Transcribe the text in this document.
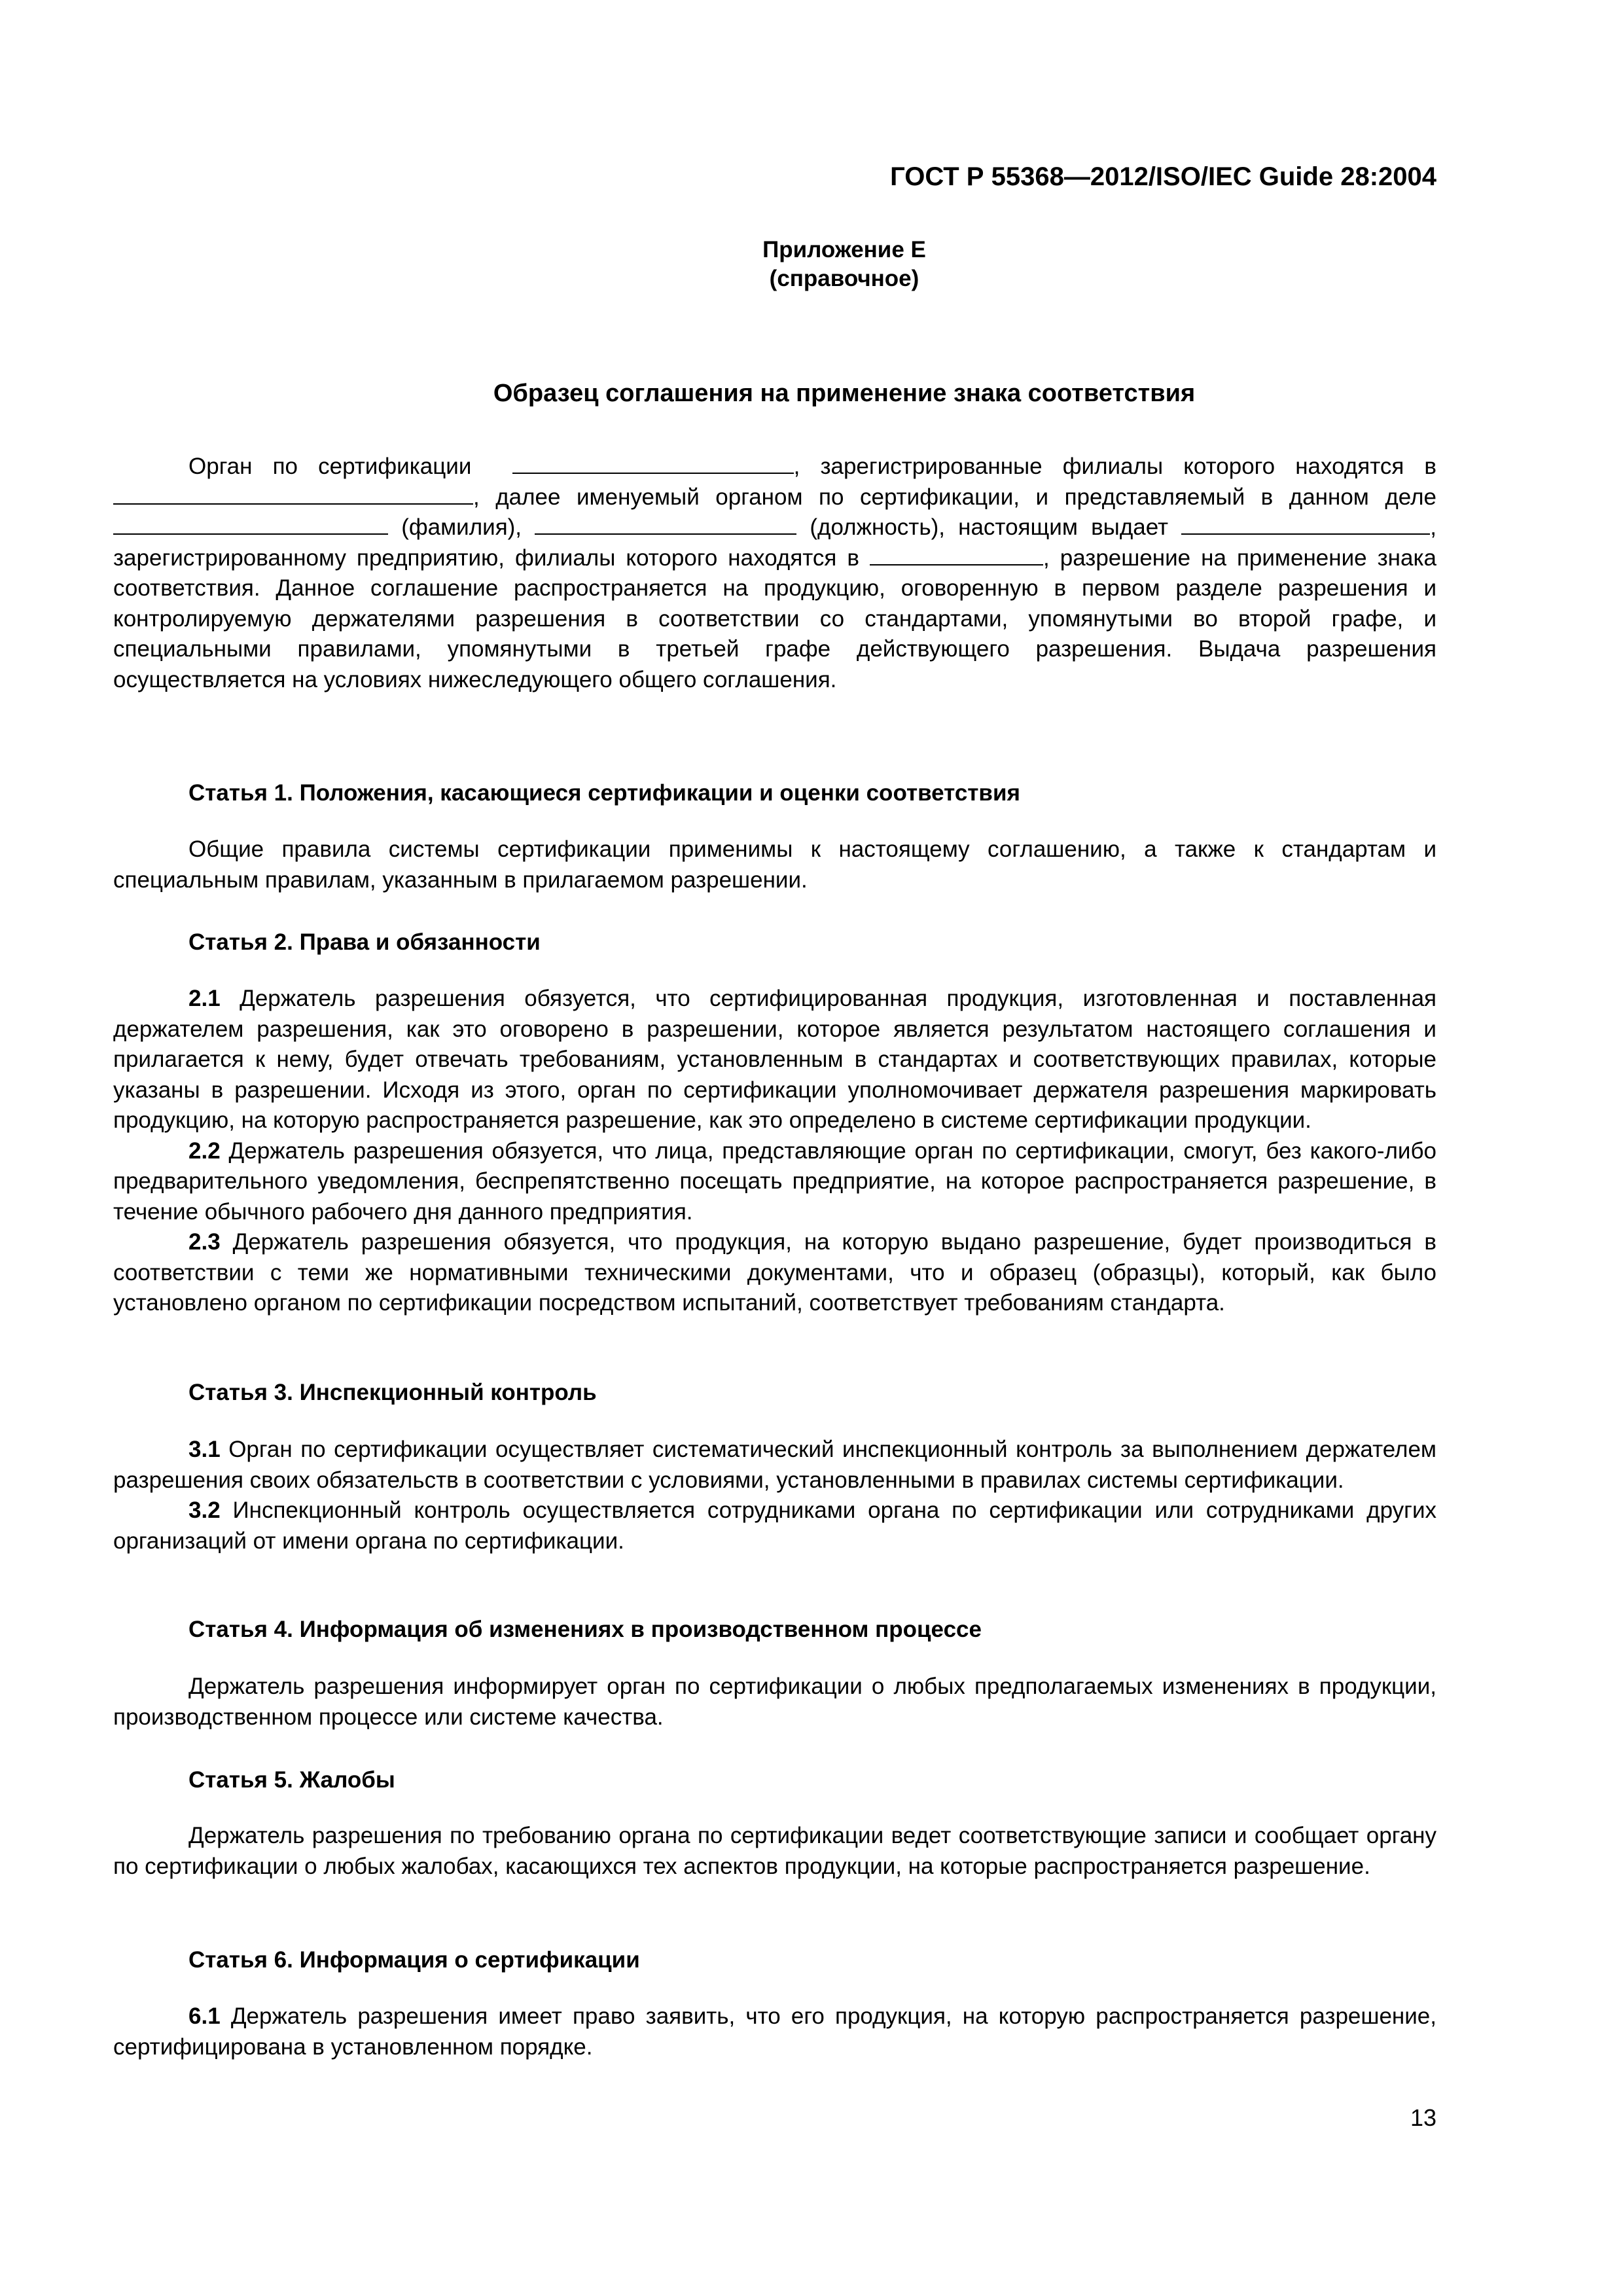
ГОСТ Р 55368—2012/ISO/IEC Guide 28:2004
Приложение Е
(справочное)
Образец соглашения на применение знака соответствия

Орган по сертификации	, зарегистрированные филиалы которого находятся в

, далее именуемый органом по сертификации, и представляемый в данном деле

(фамилия),	(должность), настоящим выдает	,

зарегистрированному предприятию, филиалы которого находятся в	, разрешение на применение знака соответствия. Данное соглашение распространяется на продукцию, оговоренную в первом разделе разрешения и контролируемую держателями разрешения в соответствии со стандартами, упомянутыми во второй графе, и специальными правилами, упомянутыми в третьей графе действующего разрешения. Выдача разрешения осуществляется на условиях нижеследующего общего соглашения.

Статья 1. Положения, касающиеся сертификации и оценки соответствия
Общие правила системы сертификации применимы к настоящему соглашению, а также к стандартам и специальным правилам, указанным в прилагаемом разрешении.
Статья 2. Права и обязанности

2.1 Держатель разрешения обязуется, что сертифицированная продукция, изготовленная и поставленная держателем разрешения, как это оговорено в разрешении, которое является результатом настоящего соглашения и прилагается к нему, будет отвечать требованиям, установленным в стандартах и соответствующих правилах, которые указаны в разрешении. Исходя из этого, орган по сертификации уполномочивает держателя разрешения маркировать продукцию, на которую распространяется разрешение, как это определено в системе сертификации продукции.

2.2 Держатель разрешения обязуется, что лица, представляющие орган по сертификации, смогут, без какого-либо предварительного уведомления, беспрепятственно посещать предприятие, на которое распространяется разрешение, в течение обычного рабочего дня данного предприятия.

2.3 Держатель разрешения обязуется, что продукция, на которую выдано разрешение, будет производиться в соответствии с теми же нормативными техническими документами, что и образец (образцы), который, как было установлено органом по сертификации посредством испытаний, соответствует требованиям стандарта.

Статья 3. Инспекционный контроль

3.1 Орган по сертификации осуществляет систематический инспекционный контроль за выполнением держателем разрешения своих обязательств в соответствии с условиями, установленными в правилах системы сертификации.

3.2 Инспекционный контроль осуществляется сотрудниками органа по сертификации или сотрудниками других организаций от имени органа по сертификации.

Статья 4. Информация об изменениях в производственном процессе
Держатель разрешения информирует орган по сертификации о любых предполагаемых изменениях в продукции, производственном процессе или системе качества.
Статья 5. Жалобы
Держатель разрешения по требованию органа по сертификации ведет соответствующие записи и сообщает органу по сертификации о любых жалобах, касающихся тех аспектов продукции, на которые распространяется разрешение.
Статья 6. Информация о сертификации

6.1 Держатель разрешения имеет право заявить, что его продукция, на которую распространяется разрешение, сертифицирована в установленном порядке.

13
